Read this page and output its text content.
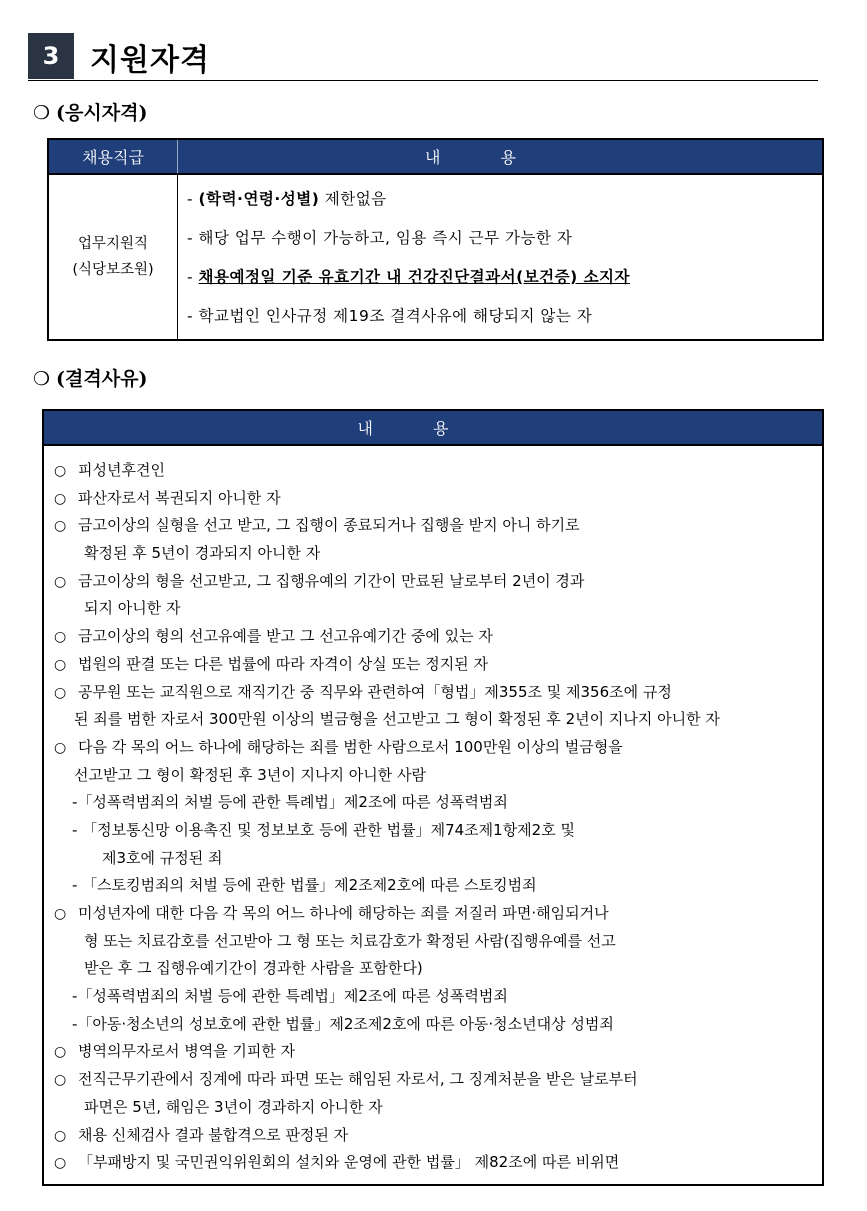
3	지원자격
❍ (응시자격)
채용직급	내용
업무지원직
(식당보조원)
- (학력·연령·성별) 제한없음
- 해당 업무 수행이 가능하고, 임용 즉시 근무 가능한 자
- 채용예정일 기준 유효기간 내 건강진단결과서(보건증) 소지자
- 학교법인 인사규정 제19조 결격사유에 해당되지 않는 자
❍ (결격사유)
내용
○ 피성년후견인
○ 파산자로서 복권되지 아니한 자
○ 금고이상의 실형을 선고 받고, 그 집행이 종료되거나 집행을 받지 아니 하기로
확정된 후 5년이 경과되지 아니한 자
○ 금고이상의 형을 선고받고, 그 집행유예의 기간이 만료된 날로부터 2년이 경과
되지 아니한 자
○ 금고이상의 형의 선고유예를 받고 그 선고유예기간 중에 있는 자
○ 법원의 판결 또는 다른 법률에 따라 자격이 상실 또는 정지된 자
○ 공무원 또는 교직원으로 재직기간 중 직무와 관련하여「형법」제355조 및 제356조에 규정
된 죄를 범한 자로서 300만원 이상의 벌금형을 선고받고 그 형이 확정된 후 2년이 지나지 아니한 자
○ 다음 각 목의 어느 하나에 해당하는 죄를 범한 사람으로서 100만원 이상의 벌금형을
선고받고 그 형이 확정된 후 3년이 지나지 아니한 사람
-「성폭력범죄의 처벌 등에 관한 특례법」제2조에 따른 성폭력범죄
- 「정보통신망 이용촉진 및 정보보호 등에 관한 법률」제74조제1항제2호 및
제3호에 규정된 죄
- 「스토킹범죄의 처벌 등에 관한 법률」제2조제2호에 따른 스토킹범죄
○ 미성년자에 대한 다음 각 목의 어느 하나에 해당하는 죄를 저질러 파면·해임되거나
형 또는 치료감호를 선고받아 그 형 또는 치료감호가 확정된 사람(집행유예를 선고
받은 후 그 집행유예기간이 경과한 사람을 포함한다)
-「성폭력범죄의 처벌 등에 관한 특례법」제2조에 따른 성폭력범죄
-「아동·청소년의 성보호에 관한 법률」제2조제2호에 따른 아동·청소년대상 성범죄
○ 병역의무자로서 병역을 기피한 자
○ 전직근무기관에서 징계에 따라 파면 또는 해임된 자로서, 그 징계처분을 받은 날로부터
파면은 5년, 해임은 3년이 경과하지 아니한 자
○ 채용 신체검사 결과 불합격으로 판정된 자
○ 「부패방지 및 국민권익위원회의 설치와 운영에 관한 법률」 제82조에 따른 비위면
